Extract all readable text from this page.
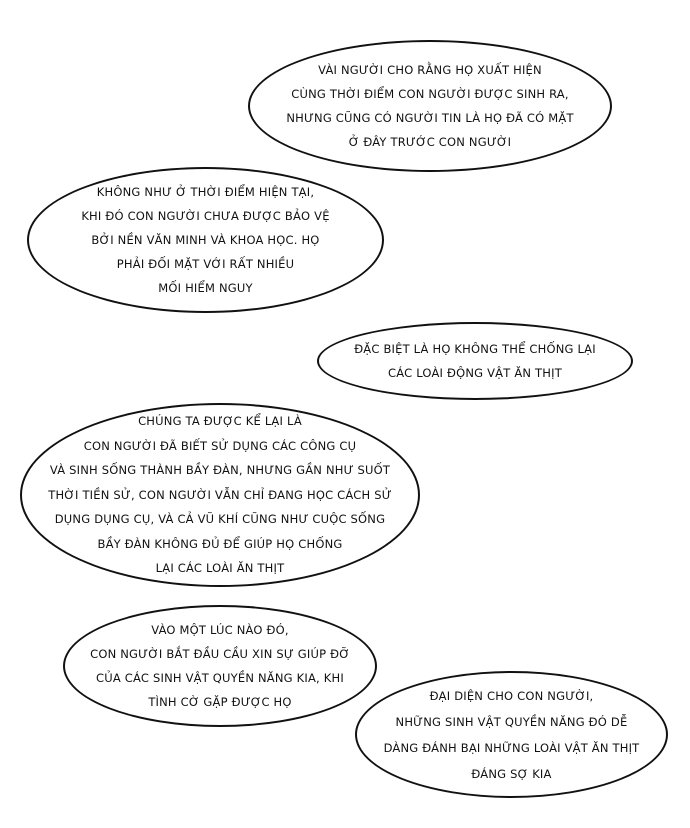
VÀI NGƯỜI CHO RẰNG HỌ XUẤT HIỆN
CÙNG THỜI ĐIỂM CON NGƯỜI ĐƯỢC SINH RA,
NHƯNG CŨNG CÓ NGƯỜI TIN LÀ HỌ ĐÃ CÓ MẶT
Ở ĐÂY TRƯỚC CON NGƯỜI
KHÔNG NHƯ Ở THỜI ĐIỂM HIỆN TẠI,
KHI ĐÓ CON NGƯỜI CHƯA ĐƯỢC BẢO VỆ
BỞI NỀN VĂN MINH VÀ KHOA HỌC. HỌ
PHẢI ĐỐI MẶT VỚI RẤT NHIỀU
MỐI HIỂM NGUY
ĐẶC BIỆT LÀ HỌ KHÔNG THỂ CHỐNG LẠI
CÁC LOÀI ĐỘNG VẬT ĂN THỊT
CHÚNG TA ĐƯỢC KỂ LẠI LÀ
CON NGƯỜI ĐÃ BIẾT SỬ DỤNG CÁC CÔNG CỤ
VÀ SINH SỐNG THÀNH BẦY ĐÀN, NHƯNG GẦN NHƯ SUỐT
THỜI TIỀN SỬ, CON NGƯỜI VẪN CHỈ ĐANG HỌC CÁCH SỬ
DỤNG DỤNG CỤ, VÀ CẢ VŨ KHÍ CŨNG NHƯ CUỘC SỐNG
BẦY ĐÀN KHÔNG ĐỦ ĐỂ GIÚP HỌ CHỐNG
LẠI CÁC LOÀI ĂN THỊT
VÀO MỘT LÚC NÀO ĐÓ,
CON NGƯỜI BẮT ĐẦU CẦU XIN SỰ GIÚP ĐỠ
CỦA CÁC SINH VẬT QUYỀN NĂNG KIA, KHI
TÌNH CỜ GẶP ĐƯỢC HỌ	ĐẠI DIỆN CHO CON NGƯỜI,
NHỮNG SINH VẬT QUYỀN NĂNG ĐÓ DỄ
DÀNG ĐÁNH BẠI NHỮNG LOÀI VẬT ĂN THỊT
ĐÁNG SỢ KIA
